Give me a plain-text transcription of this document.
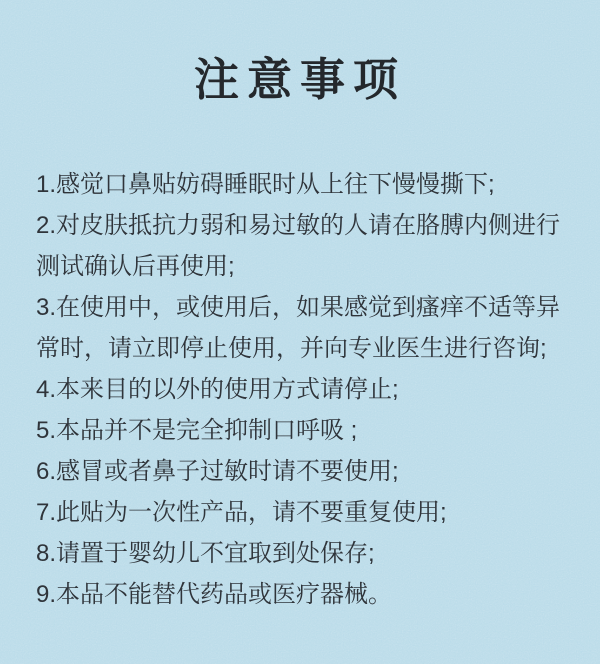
注意事项

1.感觉口鼻贴妨碍睡眠时从上往下慢慢撕下;

2.对皮肤抵抗力弱和易过敏的人请在胳膊内侧进行测试确认后再使用;

3.在使用中，或使用后，如果感觉到瘙痒不适等异常时，请立即停止使用，并向专业医生进行咨询;

4.本来目的以外的使用方式请停止;

5.本品并不是完全抑制口呼吸 ;

6.感冒或者鼻子过敏时请不要使用;

7.此贴为一次性产品，请不要重复使用;

8.请置于婴幼儿不宜取到处保存;

9.本品不能替代药品或医疗器械。
